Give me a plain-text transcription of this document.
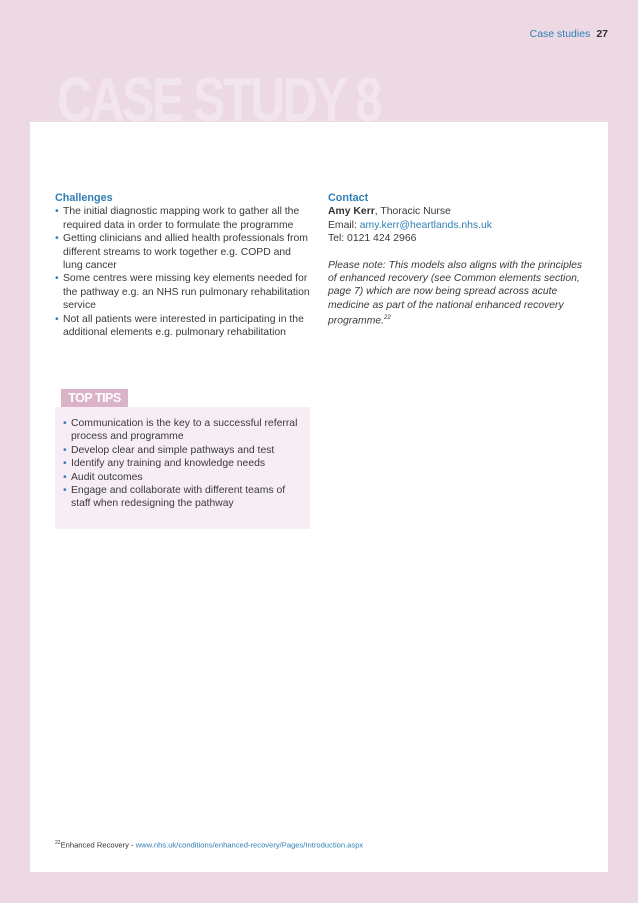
Case studies 27
CASE STUDY 8
Challenges
• The initial diagnostic mapping work to gather all the required data in order to formulate the programme
• Getting clinicians and allied health professionals from different streams to work together e.g. COPD and lung cancer
• Some centres were missing key elements needed for the pathway e.g. an NHS run pulmonary rehabilitation service
• Not all patients were interested in participating in the additional elements e.g. pulmonary rehabilitation
TOP TIPS
• Communication is the key to a successful referral process and programme
• Develop clear and simple pathways and test
• Identify any training and knowledge needs
• Audit outcomes
• Engage and collaborate with different teams of staff when redesigning the pathway
Contact
Amy Kerr, Thoracic Nurse
Email: amy.kerr@heartlands.nhs.uk
Tel: 0121 424 2966
Please note: This models also aligns with the principles of enhanced recovery (see Common elements section, page 7) which are now being spread across acute medicine as part of the national enhanced recovery programme.$^{22}$
$^{22}$Enhanced Recovery - www.nhs.uk/conditions/enhanced-recovery/Pages/Introduction.aspx
